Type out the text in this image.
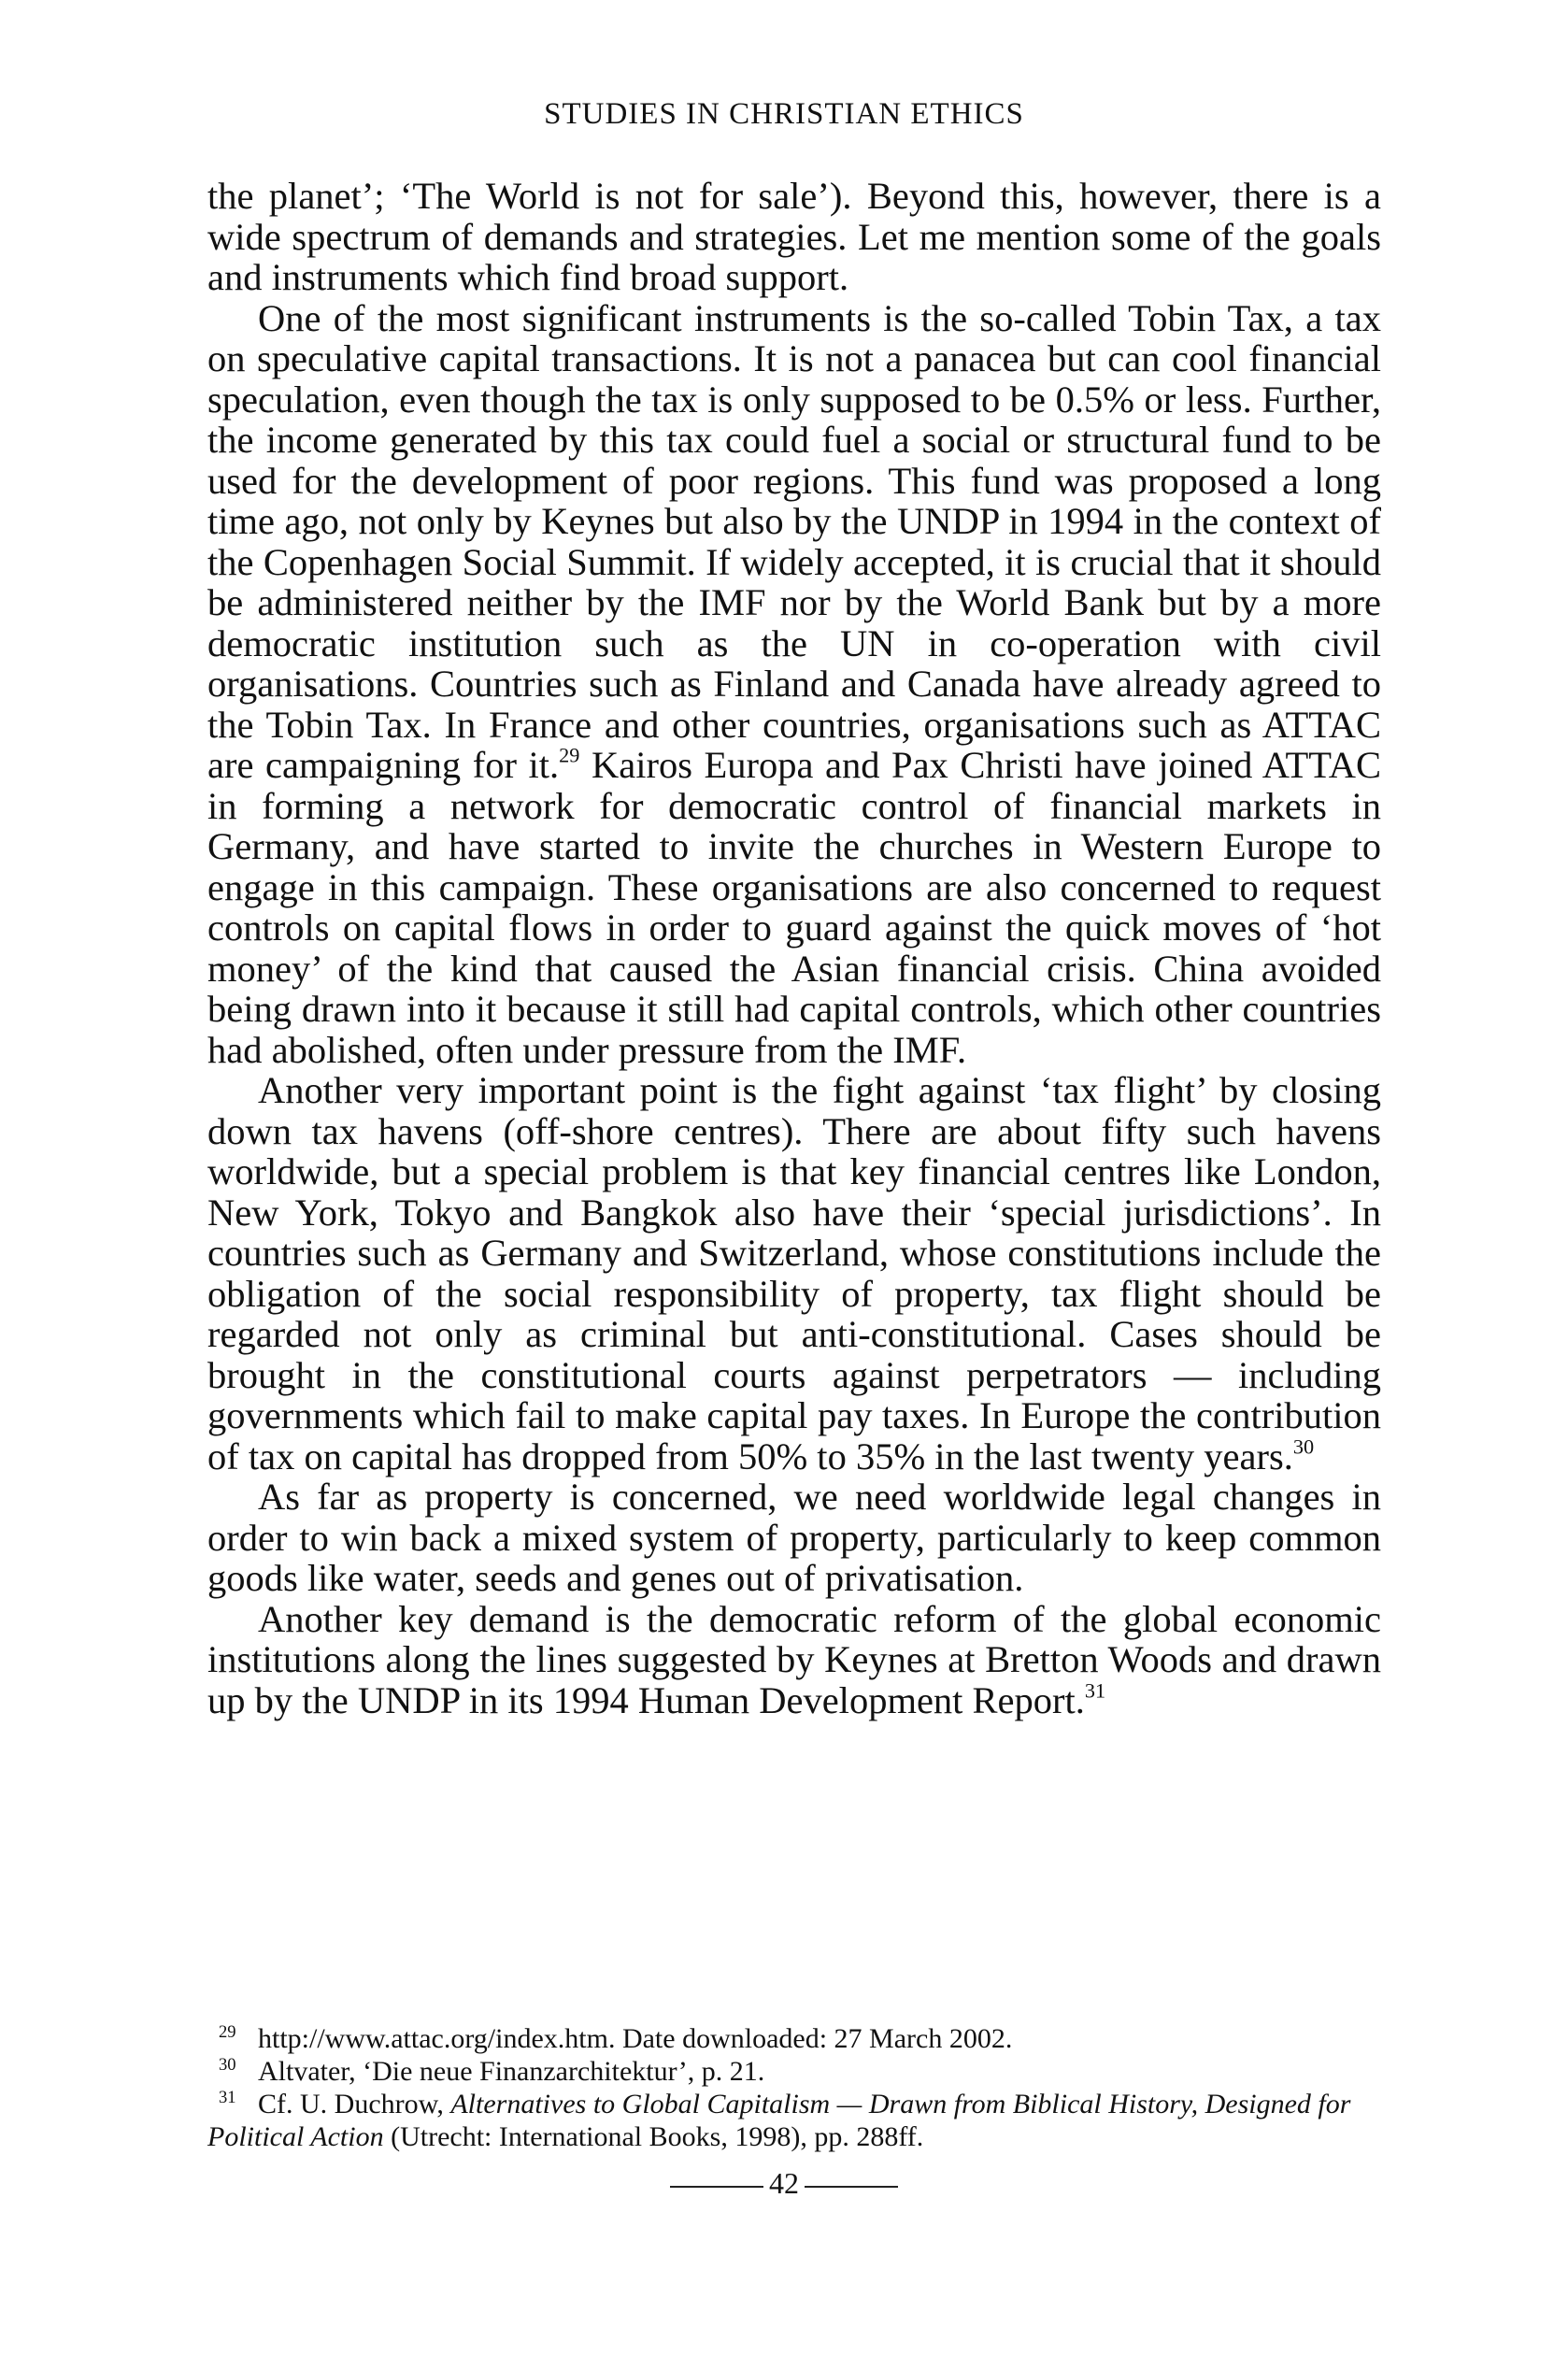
STUDIES IN CHRISTIAN ETHICS

the planet’; ‘The World is not for sale’). Beyond this, however, there is a wide spectrum of demands and strategies. Let me mention some of the goals and instruments which find broad support.

One of the most significant instruments is the so-called Tobin Tax, a tax on speculative capital transactions. It is not a panacea but can cool financial speculation, even though the tax is only supposed to be 0.5% or less. Further, the income generated by this tax could fuel a social or structural fund to be used for the development of poor regions. This fund was proposed a long time ago, not only by Keynes but also by the UNDP in 1994 in the context of the Copenhagen Social Summit. If widely accepted, it is crucial that it should be administered neither by the IMF nor by the World Bank but by a more democratic institution such as the UN in co-operation with civil organisations. Countries such as Finland and Canada have already agreed to the Tobin Tax. In France and other countries, organisations such as ATTAC are campaigning for it.$^{29}$ Kairos Europa and Pax Christi have joined ATTAC in forming a network for democratic control of financial markets in Germany, and have started to invite the churches in Western Europe to engage in this campaign. These organisations are also concerned to request controls on capital flows in order to guard against the quick moves of ‘hot money’ of the kind that caused the Asian financial crisis. China avoided being drawn into it because it still had capital controls, which other countries had abolished, often under pressure from the IMF.

Another very important point is the fight against ‘tax flight’ by closing down tax havens (off-shore centres). There are about fifty such havens worldwide, but a special problem is that key financial centres like London, New York, Tokyo and Bangkok also have their ‘special jurisdictions’. In countries such as Germany and Switzerland, whose constitutions include the obligation of the social responsibility of property, tax flight should be regarded not only as criminal but anti-constitutional. Cases should be brought in the constitutional courts against perpetrators — including governments which fail to make capital pay taxes. In Europe the contribution of tax on capital has dropped from 50% to 35% in the last twenty years.$^{30}$

As far as property is concerned, we need worldwide legal changes in order to win back a mixed system of property, particularly to keep common goods like water, seeds and genes out of privatisation.

Another key demand is the democratic reform of the global economic institutions along the lines suggested by Keynes at Bretton Woods and drawn up by the UNDP in its 1994 Human Development Report.$^{31}$

29 http://www.attac.org/index.htm. Date downloaded: 27 March 2002.

30 Altvater, ‘Die neue Finanzarchitektur’, p. 21.

31 Cf. U. Duchrow, Alternatives to Global Capitalism — Drawn from Biblical History, Designed for Political Action (Utrecht: International Books, 1998), pp. 288ff.

42
